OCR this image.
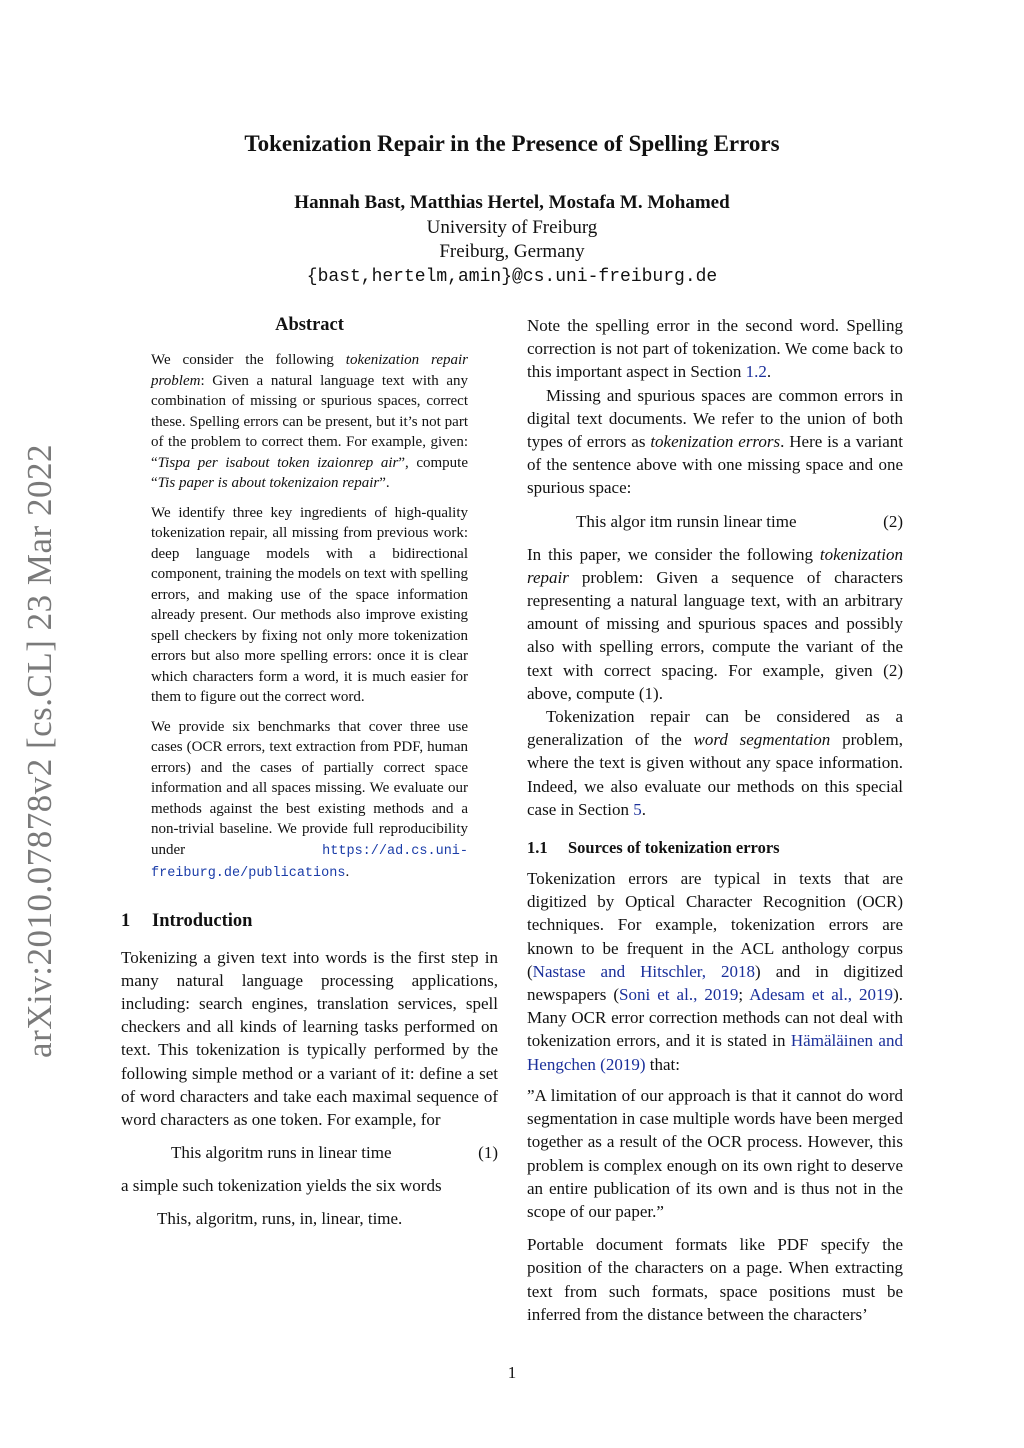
arXiv:2010.07878v2 [cs.CL] 23 Mar 2022
Tokenization Repair in the Presence of Spelling Errors
Hannah Bast, Matthias Hertel, Mostafa M. Mohamed
University of Freiburg
Freiburg, Germany
{bast,hertelm,amin}@cs.uni-freiburg.de
Abstract

We consider the following tokenization repair problem: Given a natural language text with any combination of missing or spurious spaces, correct these. Spelling errors can be present, but it’s not part of the problem to correct them. For example, given: “Tispa per isabout token izaionrep air”, compute “Tis paper is about tokenizaion repair”.

We identify three key ingredients of high-quality tokenization repair, all missing from previous work: deep language models with a bidirectional component, training the models on text with spelling errors, and making use of the space information already present. Our methods also improve existing spell checkers by fixing not only more tokenization errors but also more spelling errors: once it is clear which characters form a word, it is much easier for them to figure out the correct word.

We provide six benchmarks that cover three use cases (OCR errors, text extraction from PDF, human errors) and the cases of partially correct space information and all spaces missing. We evaluate our methods against the best existing methods and a non-trivial baseline. We provide full reproducibility under https://ad.cs.uni-freiburg.de/publications.

1 Introduction

Tokenizing a given text into words is the first step in many natural language processing applications, including: search engines, translation services, spell checkers and all kinds of learning tasks performed on text. This tokenization is typically performed by the following simple method or a variant of it: define a set of word characters and take each maximal sequence of word characters as one token. For example, for

This algoritm runs in linear time	(1)

a simple such tokenization yields the six words

This, algoritm, runs, in, linear, time.

Note the spelling error in the second word. Spelling correction is not part of tokenization. We come back to this important aspect in Section 1.2.

Missing and spurious spaces are common errors in digital text documents. We refer to the union of both types of errors as tokenization errors. Here is a variant of the sentence above with one missing space and one spurious space:

This algor itm runsin linear time	(2)

In this paper, we consider the following tokenization repair problem: Given a sequence of characters representing a natural language text, with an arbitrary amount of missing and spurious spaces and possibly also with spelling errors, compute the variant of the text with correct spacing. For example, given (2) above, compute (1).

Tokenization repair can be considered as a generalization of the word segmentation problem, where the text is given without any space information. Indeed, we also evaluate our methods on this special case in Section 5.

1.1 Sources of tokenization errors

Tokenization errors are typical in texts that are digitized by Optical Character Recognition (OCR) techniques. For example, tokenization errors are known to be frequent in the ACL anthology corpus (Nastase and Hitschler, 2018) and in digitized newspapers (Soni et al., 2019; Adesam et al., 2019). Many OCR error correction methods can not deal with tokenization errors, and it is stated in Hämäläinen and Hengchen (2019) that:

”A limitation of our approach is that it cannot do word segmentation in case multiple words have been merged together as a result of the OCR process. However, this problem is complex enough on its own right to deserve an entire publication of its own and is thus not in the scope of our paper.”

Portable document formats like PDF specify the position of the characters on a page. When extracting text from such formats, space positions must be inferred from the distance between the characters’

1
